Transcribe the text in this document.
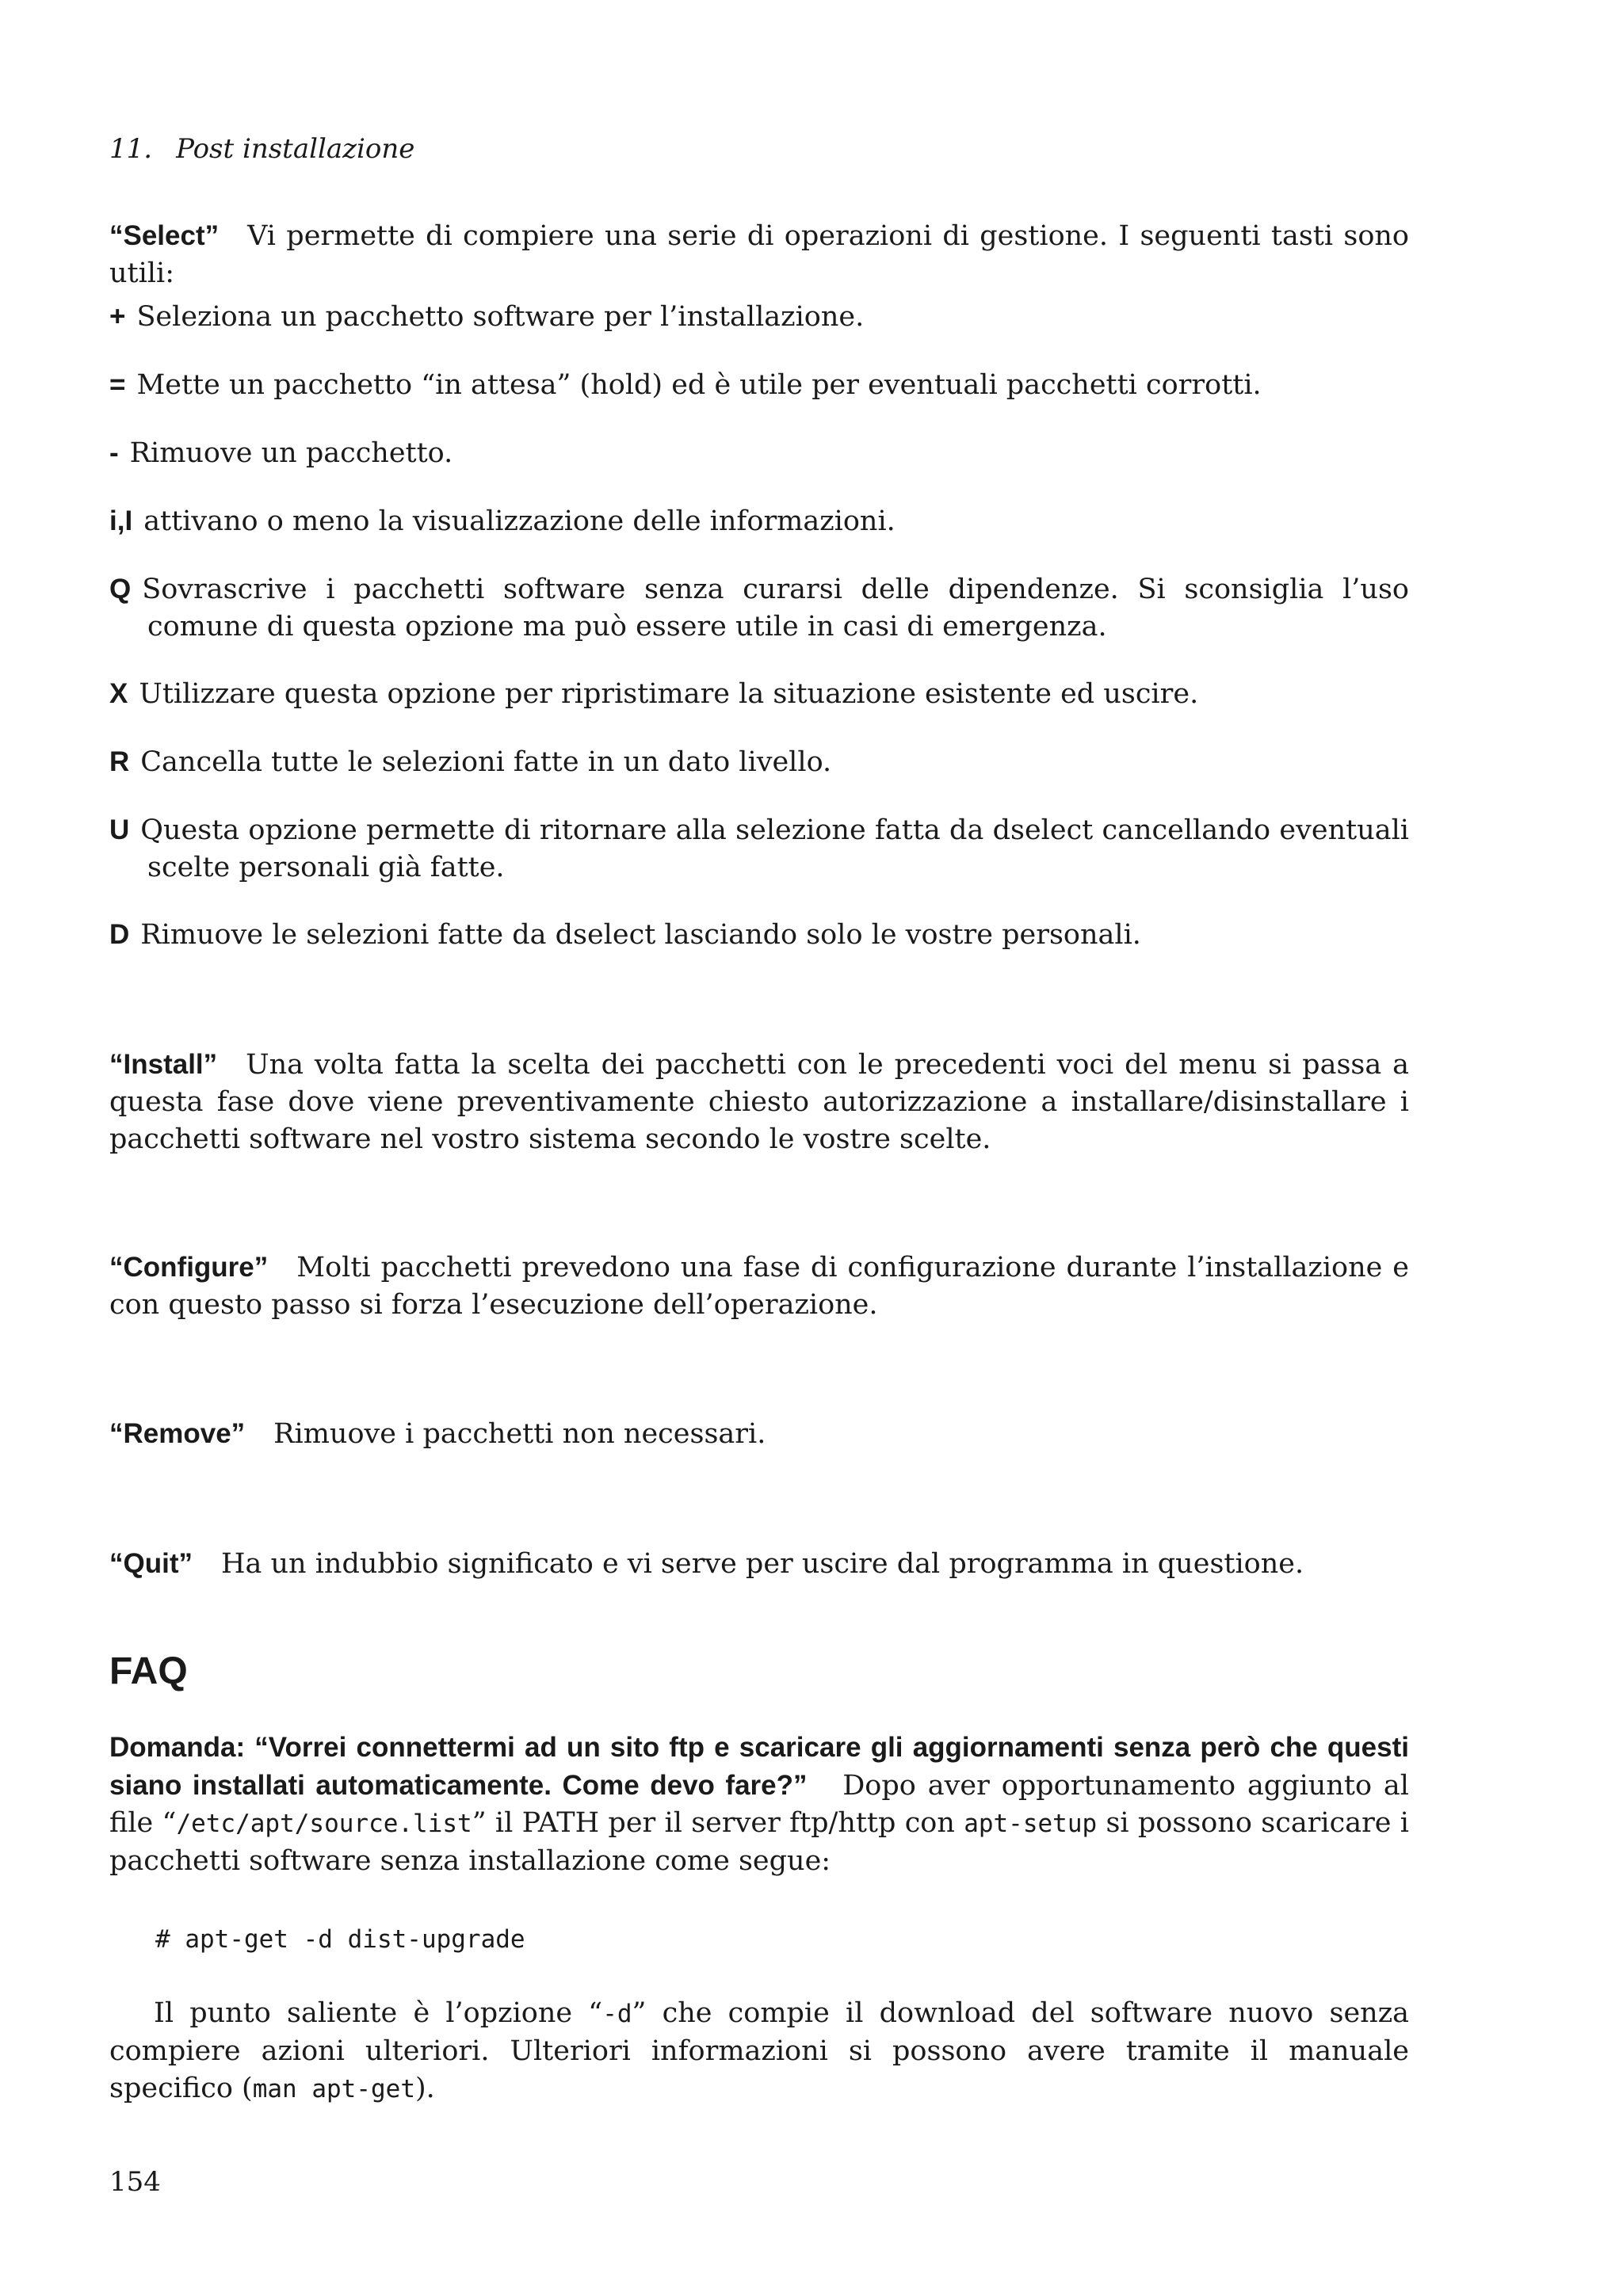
11. Post installazione
“Select” Vi permette di compiere una serie di operazioni di gestione. I seguenti tasti sono utili:
+ Seleziona un pacchetto software per l’installazione.
= Mette un pacchetto “in attesa” (hold) ed è utile per eventuali pacchetti corrotti.
- Rimuove un pacchetto.
i,I attivano o meno la visualizzazione delle informazioni.
Q Sovrascrive i pacchetti software senza curarsi delle dipendenze. Si sconsiglia l’uso comune di questa opzione ma può essere utile in casi di emergenza.
X Utilizzare questa opzione per ripristimare la situazione esistente ed uscire.
R Cancella tutte le selezioni fatte in un dato livello.
U Questa opzione permette di ritornare alla selezione fatta da dselect cancellando eventuali scelte personali già fatte.
D Rimuove le selezioni fatte da dselect lasciando solo le vostre personali.
“Install” Una volta fatta la scelta dei pacchetti con le precedenti voci del menu si passa a questa fase dove viene preventivamente chiesto autorizzazione a installare/disinstallare i pacchetti software nel vostro sistema secondo le vostre scelte.
“Configure” Molti pacchetti prevedono una fase di configurazione durante l’installazione e con questo passo si forza l’esecuzione dell’operazione.
“Remove” Rimuove i pacchetti non necessari.
“Quit” Ha un indubbio significato e vi serve per uscire dal programma in questione.
FAQ
Domanda: “Vorrei connettermi ad un sito ftp e scaricare gli aggiornamenti senza però che questi siano installati automaticamente. Come devo fare?” Dopo aver opportunamento aggiunto al file “/etc/apt/source.list” il PATH per il server ftp/http con apt-setup si possono scaricare i pacchetti software senza installazione come segue:
# apt-get -d dist-upgrade
Il punto saliente è l’opzione “-d” che compie il download del software nuovo senza compiere azioni ulteriori. Ulteriori informazioni si possono avere tramite il manuale specifico (man apt-get).
154
